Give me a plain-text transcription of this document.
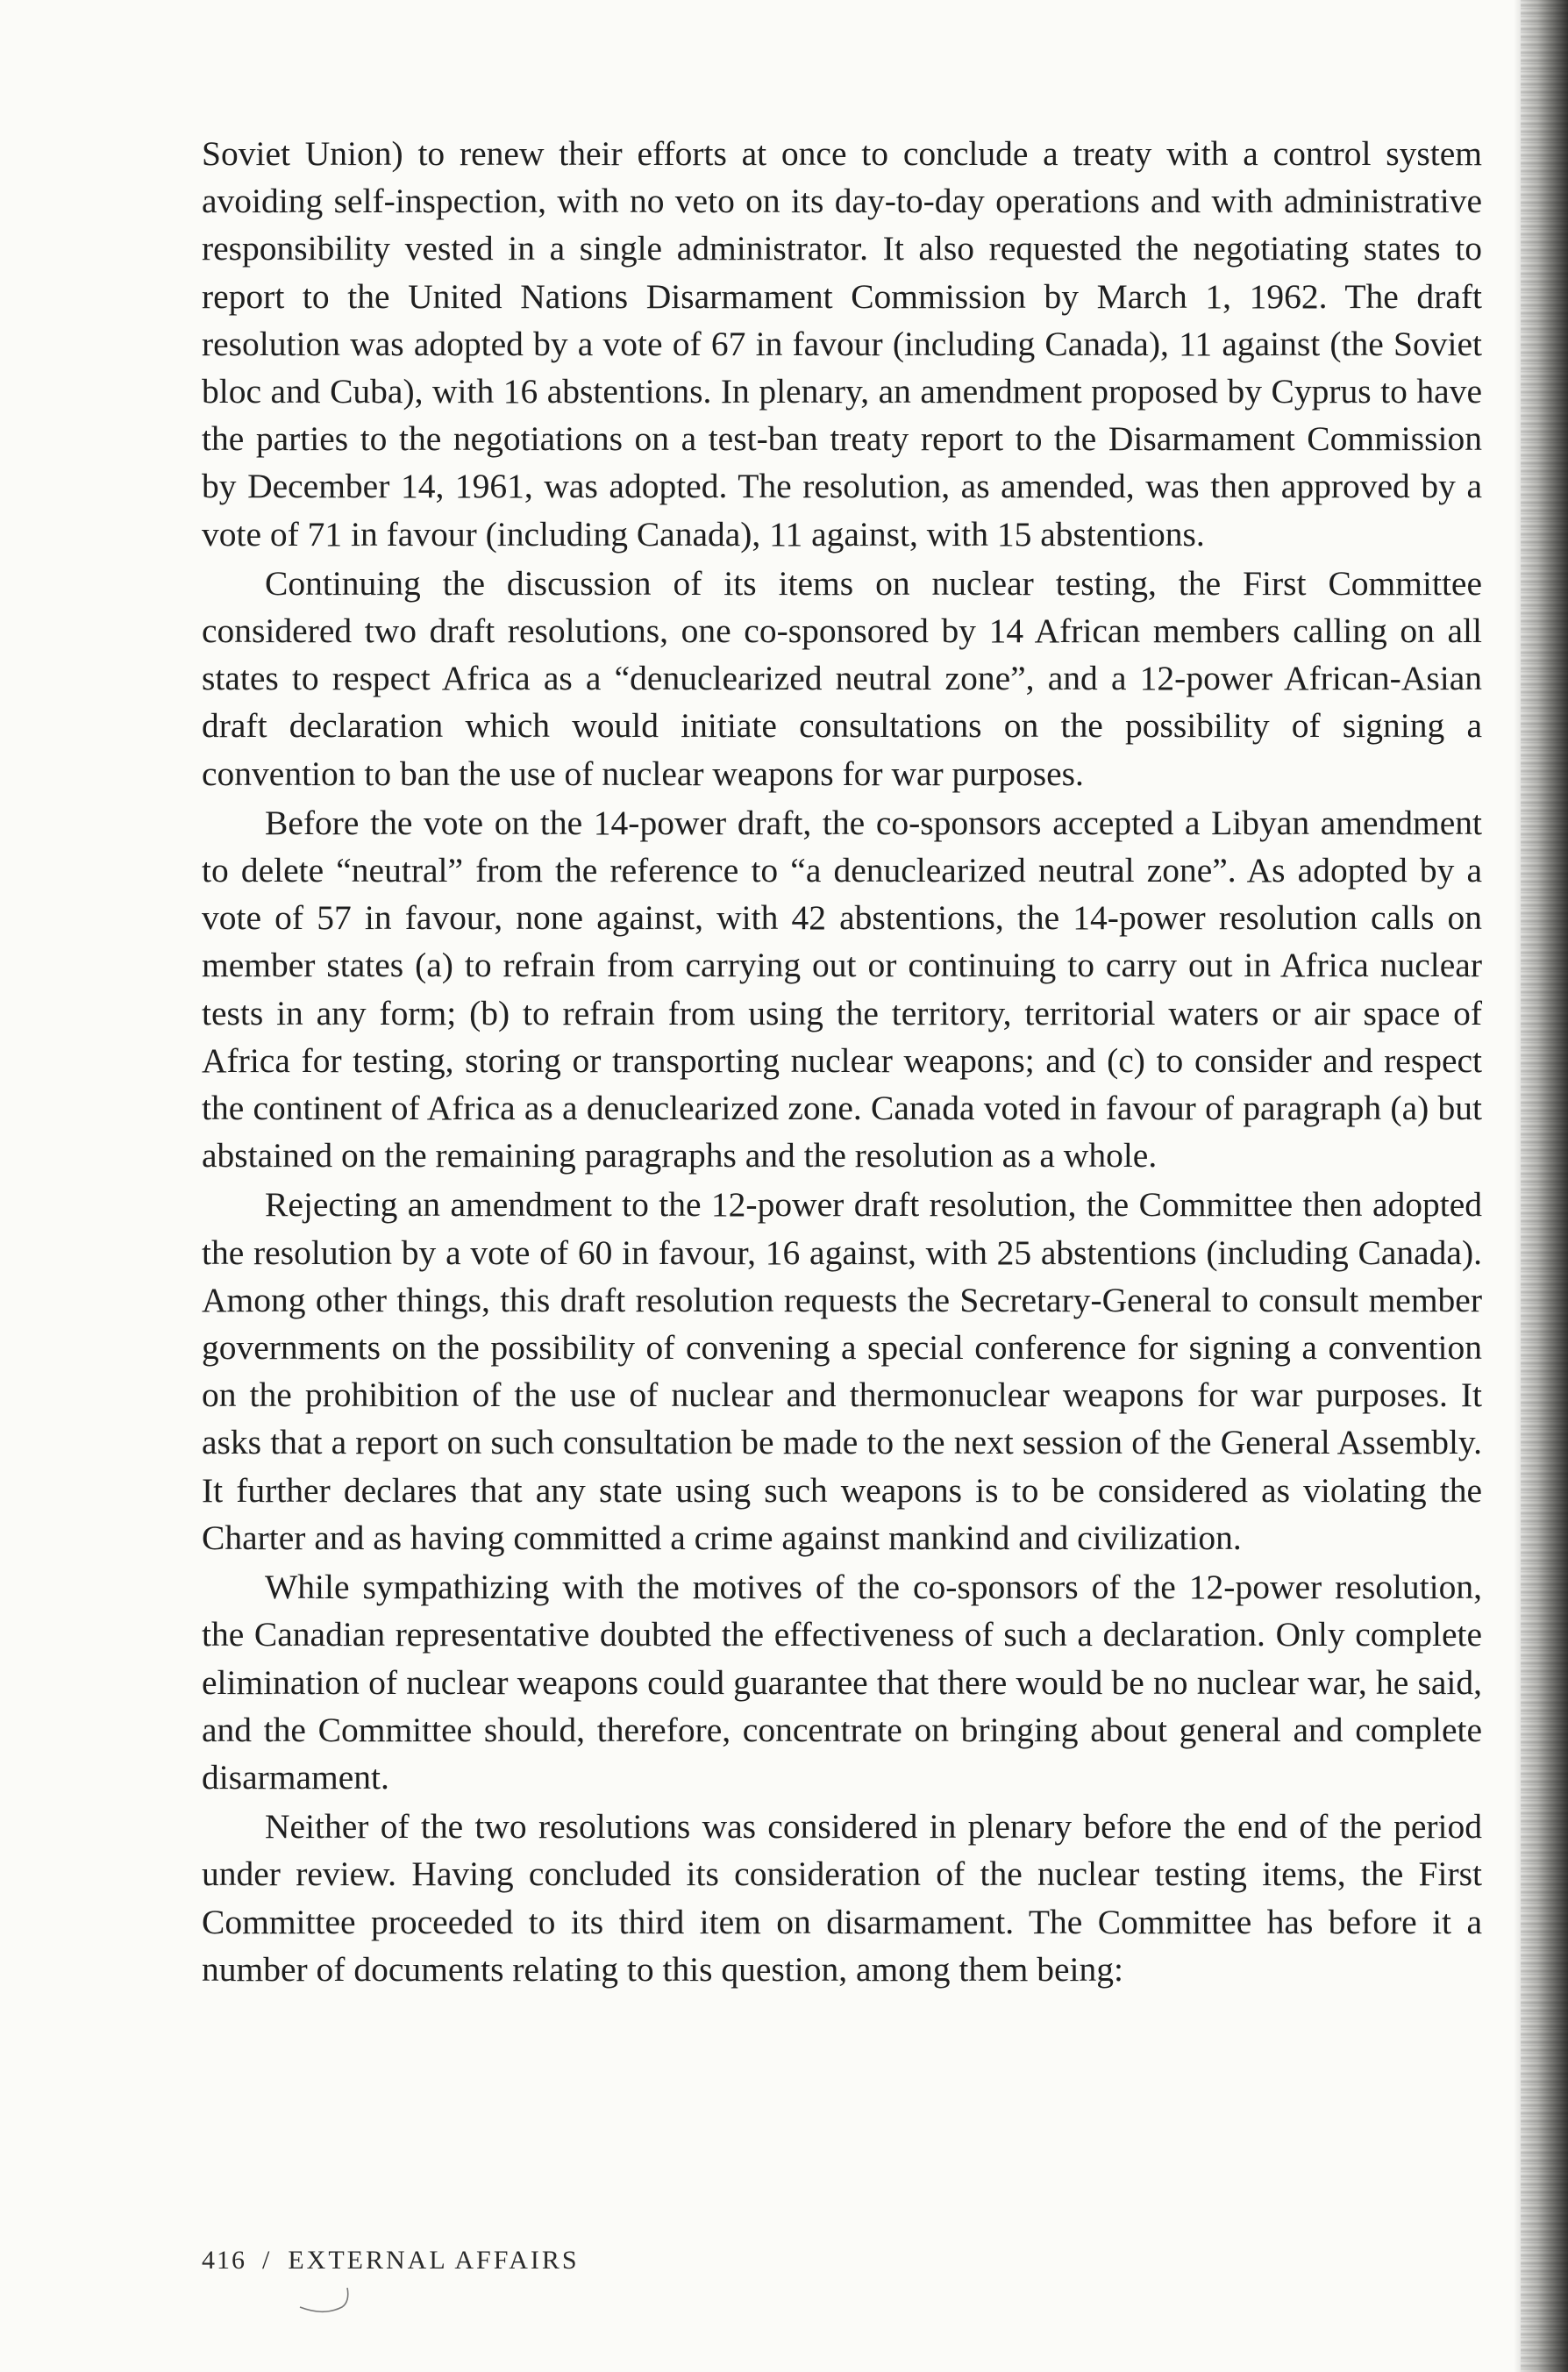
Soviet Union) to renew their efforts at once to conclude a treaty with a control system avoiding self-inspection, with no veto on its day-to-day operations and with administrative responsibility vested in a single administrator. It also requested the negotiating states to report to the United Nations Disarmament Commission by March 1, 1962. The draft resolution was adopted by a vote of 67 in favour (including Canada), 11 against (the Soviet bloc and Cuba), with 16 abstentions. In plenary, an amendment proposed by Cyprus to have the parties to the negotiations on a test-ban treaty report to the Disarmament Commission by December 14, 1961, was adopted. The resolution, as amended, was then approved by a vote of 71 in favour (including Canada), 11 against, with 15 abstentions.

Continuing the discussion of its items on nuclear testing, the First Committee considered two draft resolutions, one co-sponsored by 14 African members calling on all states to respect Africa as a “denuclearized neutral zone”, and a 12-power African-Asian draft declaration which would initiate consultations on the possibility of signing a convention to ban the use of nuclear weapons for war purposes.

Before the vote on the 14-power draft, the co-sponsors accepted a Libyan amendment to delete “neutral” from the reference to “a denuclearized neutral zone”. As adopted by a vote of 57 in favour, none against, with 42 abstentions, the 14-power resolution calls on member states (a) to refrain from carrying out or continuing to carry out in Africa nuclear tests in any form; (b) to refrain from using the territory, territorial waters or air space of Africa for testing, storing or transporting nuclear weapons; and (c) to consider and respect the continent of Africa as a denuclearized zone. Canada voted in favour of paragraph (a) but abstained on the remaining paragraphs and the resolution as a whole.

Rejecting an amendment to the 12-power draft resolution, the Committee then adopted the resolution by a vote of 60 in favour, 16 against, with 25 abstentions (including Canada). Among other things, this draft resolution requests the Secretary-General to consult member governments on the possibility of convening a special conference for signing a convention on the prohibition of the use of nuclear and thermonuclear weapons for war purposes. It asks that a report on such consultation be made to the next session of the General Assembly. It further declares that any state using such weapons is to be considered as violating the Charter and as having committed a crime against mankind and civilization.

While sympathizing with the motives of the co-sponsors of the 12-power resolution, the Canadian representative doubted the effectiveness of such a declaration. Only complete elimination of nuclear weapons could guarantee that there would be no nuclear war, he said, and the Committee should, therefore, concentrate on bringing about general and complete disarmament.

Neither of the two resolutions was considered in plenary before the end of the period under review. Having concluded its consideration of the nuclear testing items, the First Committee proceeded to its third item on disarmament. The Committee has before it a number of documents relating to this question, among them being:

416 / EXTERNAL AFFAIRS
